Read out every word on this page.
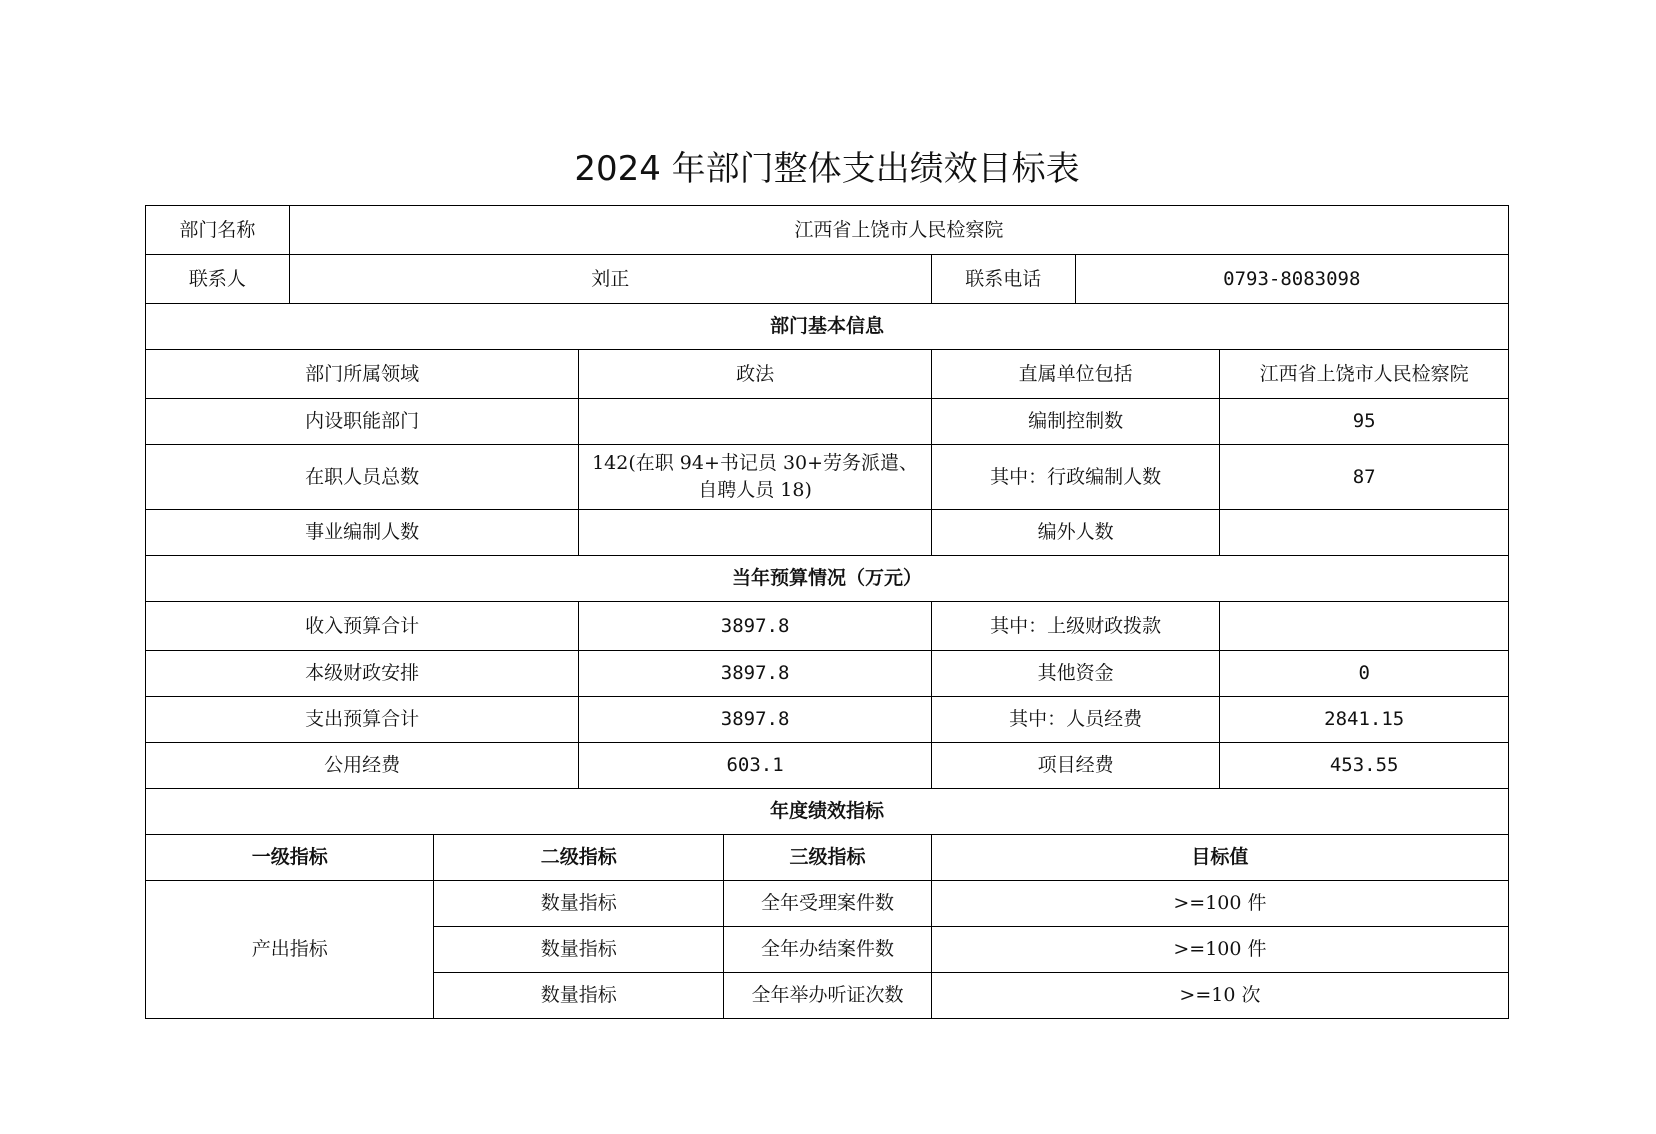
2024 年部门整体支出绩效目标表
部门名称	江西省上饶市人民检察院						
联系人	刘正				联系电话	0793-8083098	
部门基本信息							
部门所属领域			政法		直属单位包括		江西省上饶市人民检察院
内设职能部门					编制控制数		95
在职人员总数			142(在职 94+书记员 30+劳务派遣、自聘人员 18)		其中：行政编制人数		87
事业编制人数					编外人数		
当年预算情况（万元）							
收入预算合计			3897.8		其中：上级财政拨款		
本级财政安排			3897.8		其他资金		0
支出预算合计			3897.8		其中：人员经费		2841.15
公用经费			603.1		项目经费		453.55
年度绩效指标							
一级指标		二级指标		三级指标	目标值		
产出指标		数量指标		全年受理案件数	>=100 件		
		数量指标		全年办结案件数	>=100 件		
		数量指标		全年举办听证次数	>=10 次		
